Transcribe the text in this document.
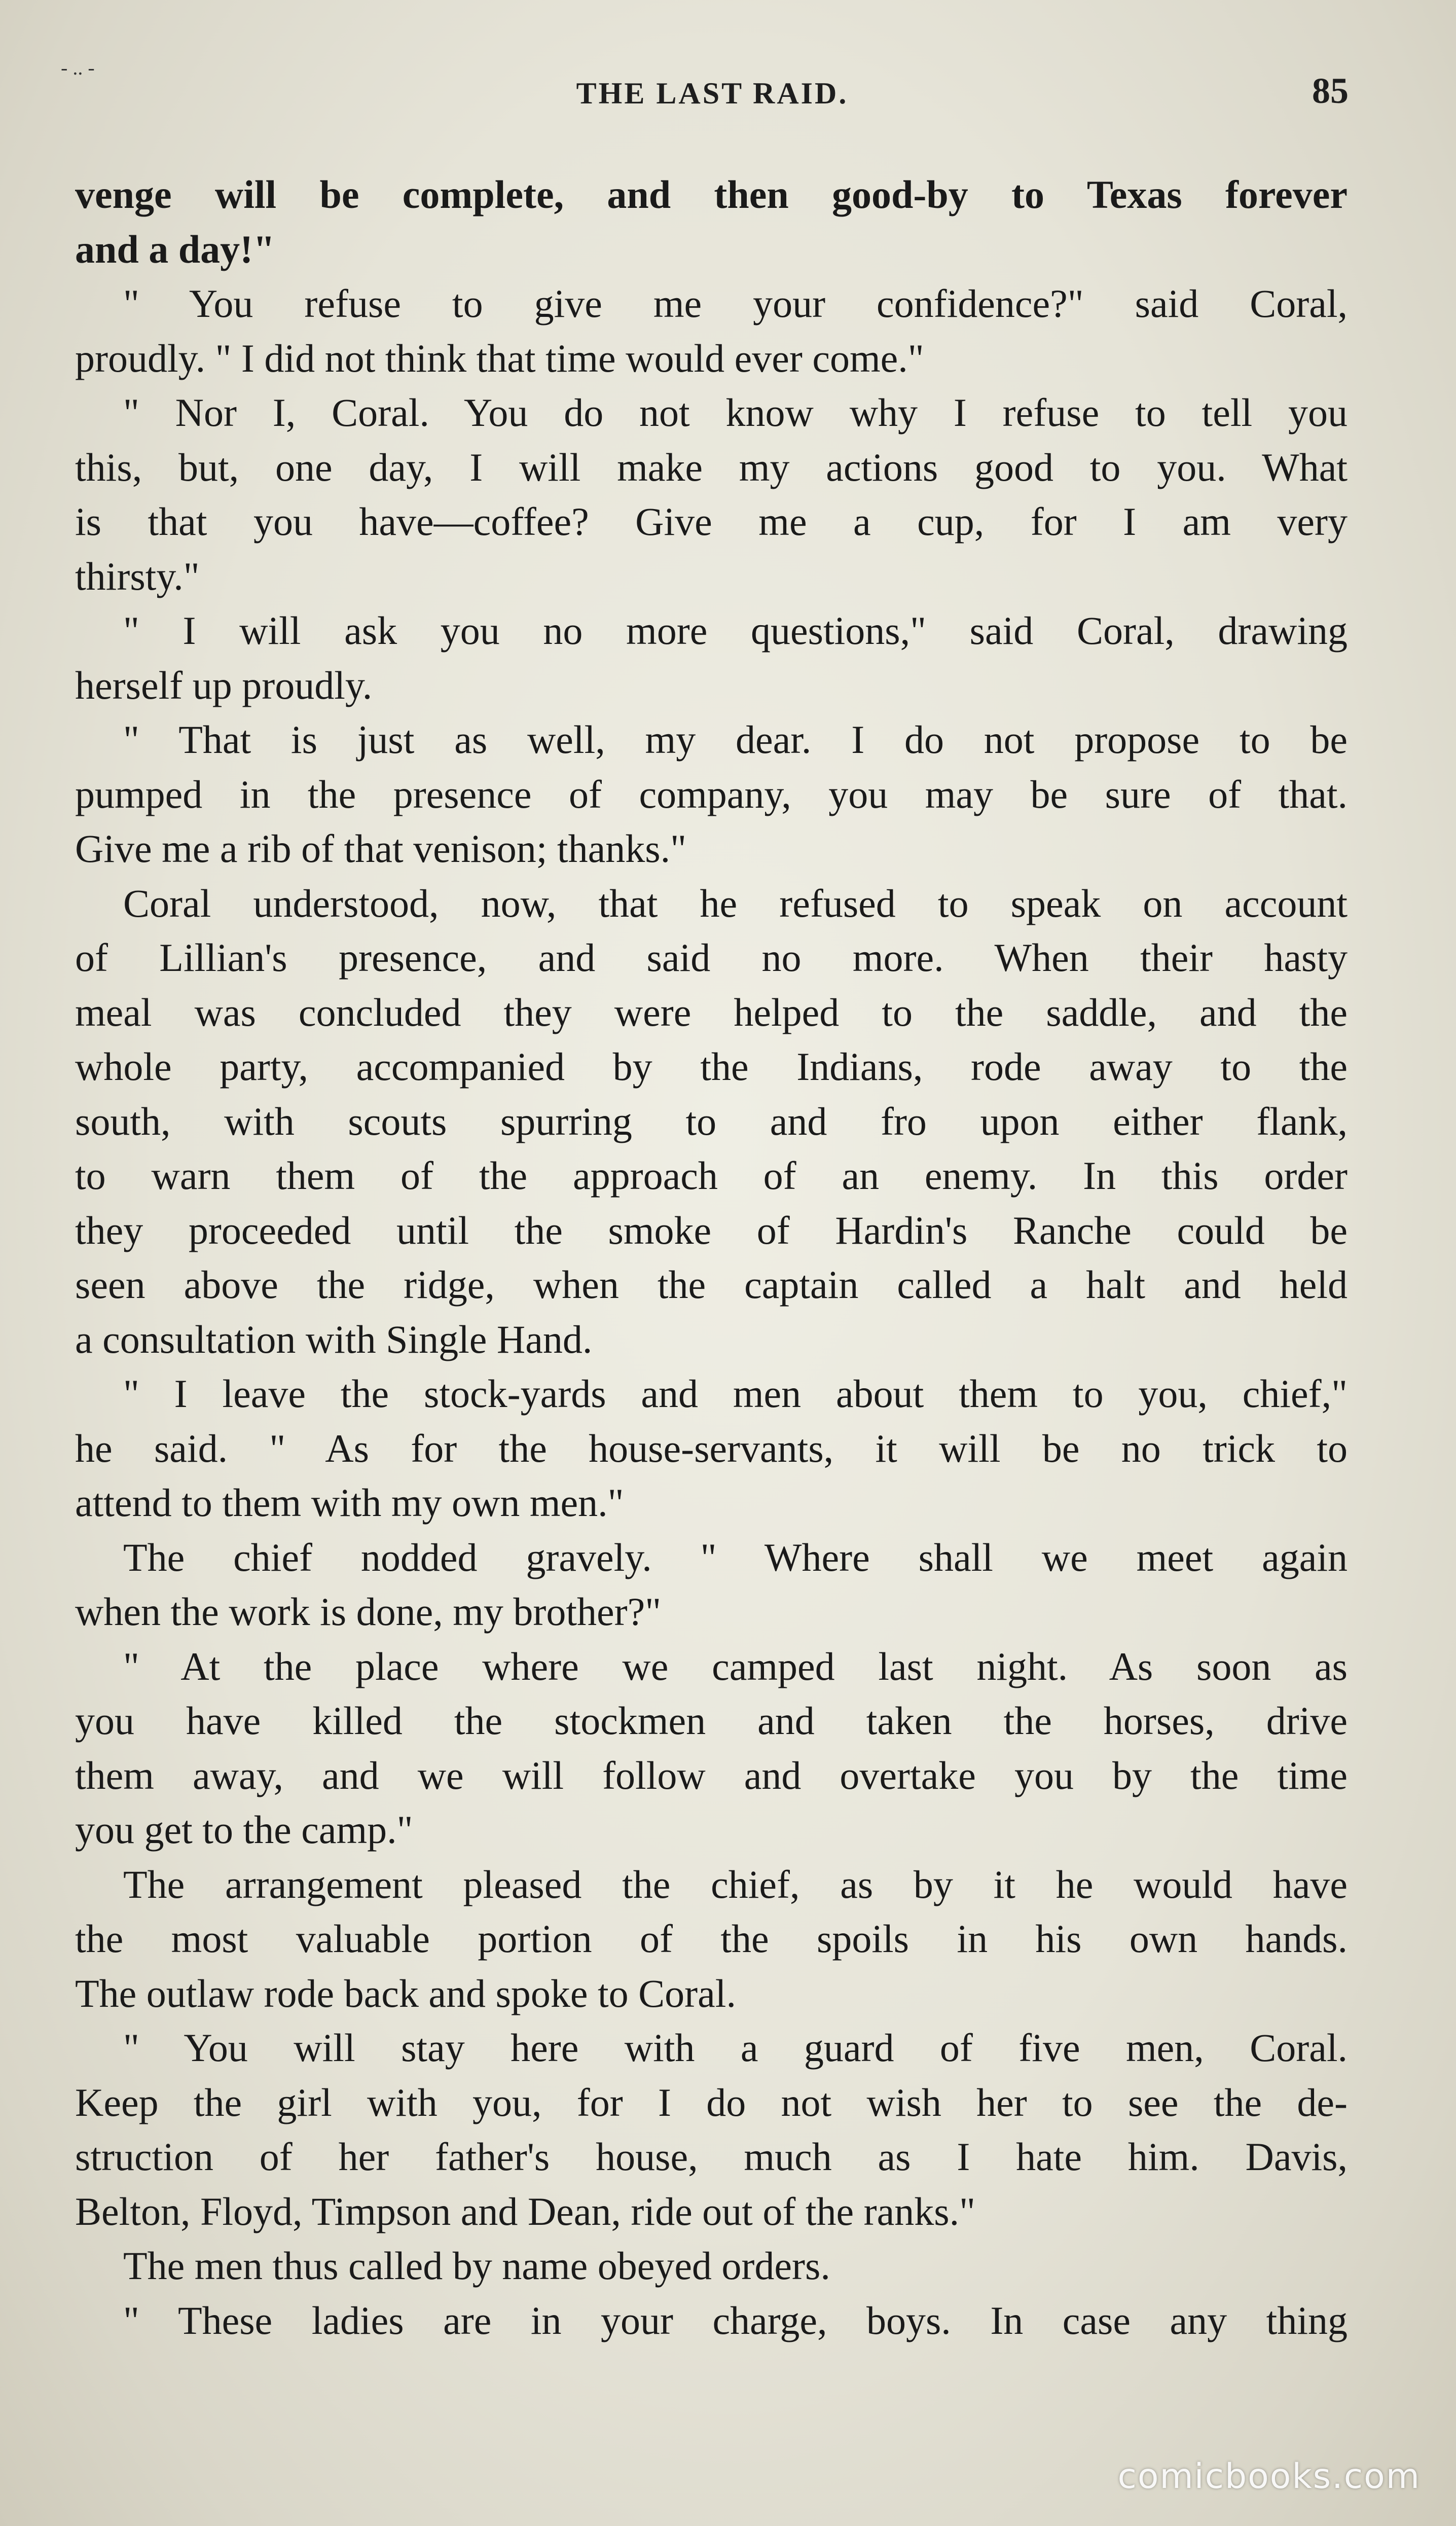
- .. -
THE LAST RAID.	85
venge will be complete, and then good-by to Texas forever
and a day!"
" You refuse to give me your confidence?" said Coral,
proudly. " I did not think that time would ever come."
" Nor I, Coral. You do not know why I refuse to tell you
this, but, one day, I will make my actions good to you. What
is that you have—coffee? Give me a cup, for I am very
thirsty."
" I will ask you no more questions," said Coral, drawing
herself up proudly.
" That is just as well, my dear. I do not propose to be
pumped in the presence of company, you may be sure of that.
Give me a rib of that venison; thanks."
Coral understood, now, that he refused to speak on account
of Lillian's presence, and said no more. When their hasty
meal was concluded they were helped to the saddle, and the
whole party, accompanied by the Indians, rode away to the
south, with scouts spurring to and fro upon either flank,
to warn them of the approach of an enemy. In this order
they proceeded until the smoke of Hardin's Ranche could be
seen above the ridge, when the captain called a halt and held
a consultation with Single Hand.
" I leave the stock-yards and men about them to you, chief,"
he said. " As for the house-servants, it will be no trick to
attend to them with my own men."
The chief nodded gravely. " Where shall we meet again
when the work is done, my brother?"
" At the place where we camped last night. As soon as
you have killed the stockmen and taken the horses, drive
them away, and we will follow and overtake you by the time
you get to the camp."
The arrangement pleased the chief, as by it he would have
the most valuable portion of the spoils in his own hands.
The outlaw rode back and spoke to Coral.
" You will stay here with a guard of five men, Coral.
Keep the girl with you, for I do not wish her to see the de-
struction of her father's house, much as I hate him. Davis,
Belton, Floyd, Timpson and Dean, ride out of the ranks."
The men thus called by name obeyed orders.
" These ladies are in your charge, boys. In case any thing
comicbooks.com
